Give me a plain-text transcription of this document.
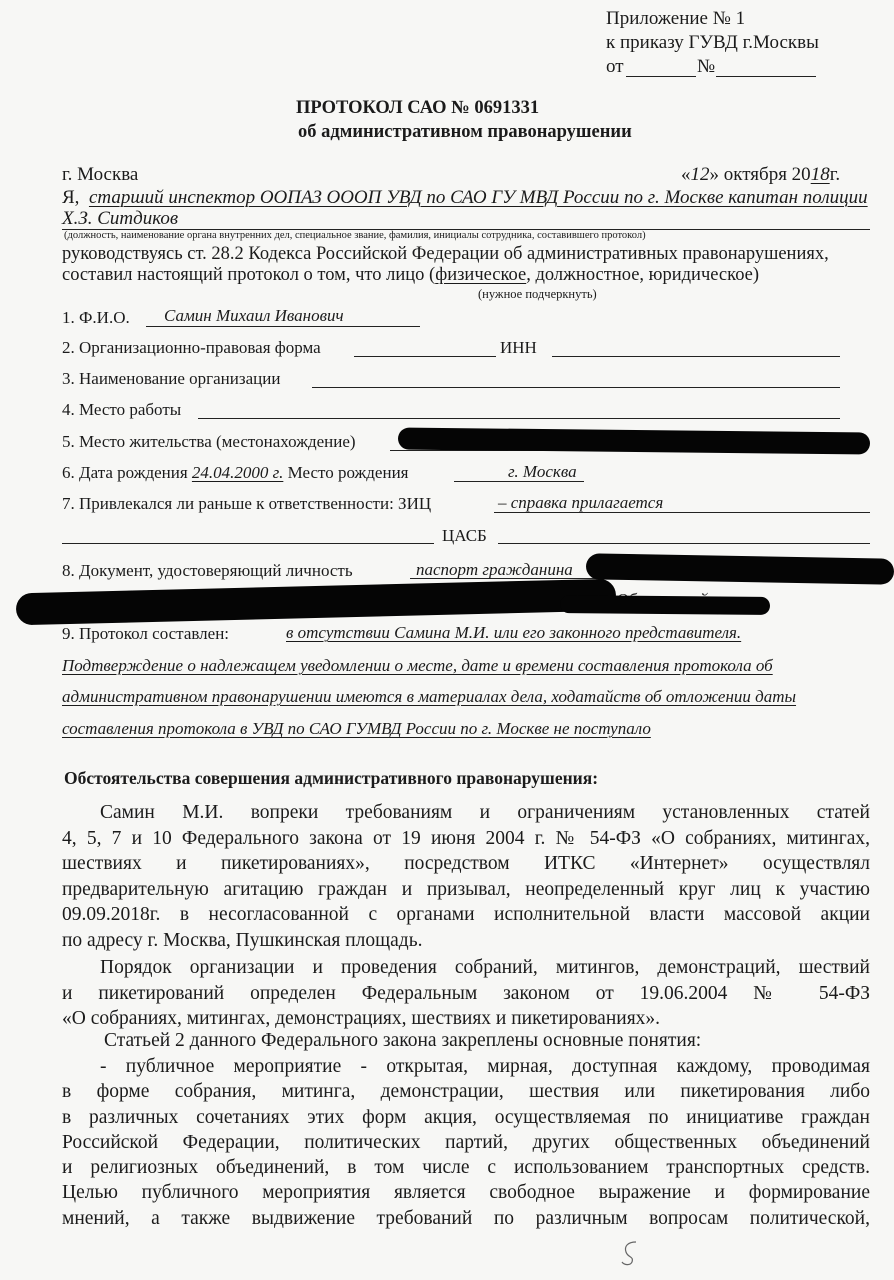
Приложение № 1
к приказу ГУВД г.Москвы
от	№
ПРОТОКОЛ САО № 0691331
об административном правонарушении
г. Москва	«12» октября 2018г.
Я, старший инспектор ООПАЗ ОООП УВД по САО ГУ МВД России по г. Москве капитан полиции
Х.З. Ситдиков
(должность, наименование органа внутренних дел, специальное звание, фамилия, инициалы сотрудника, составившего протокол)
руководствуясь ст. 28.2 Кодекса Российской Федерации об административных правонарушениях,
составил настоящий протокол о том, что лицо (физическое, должностное, юридическое)
(нужное подчеркнуть)
1. Ф.И.О. Самин Михаил Иванович
2. Организационно-правовая форма	ИНН
3. Наименование организации
4. Место работы
5. Место жительства (местонахождение)
6. Дата рождения 24.04.2000 г. Место рождения	г. Москва
7. Привлекался ли раньше к ответственности: ЗИЦ	– справка прилагается
ЦАСБ
8. Документ, удостоверяющий личность	паспорт гражданина
9. Протокол составлен:	в отсутствии Самина М.И. или его законного представителя.
Подтверждение о надлежащем уведомлении о месте, дате и времени составления протокола об
административном правонарушении имеются в материалах дела, ходатайств об отложении даты
составления протокола в УВД по САО ГУМВД России по г. Москве не поступало
Обстоятельства совершения административного правонарушения:
Самин М.И. вопреки требованиям и ограничениям установленных статей
4, 5, 7 и 10 Федерального закона от 19 июня 2004 г. № 54-ФЗ «О собраниях, митингах,
шествиях и пикетированиях», посредством ИТКС «Интернет» осуществлял
предварительную агитацию граждан и призывал, неопределенный круг лиц к участию
09.09.2018г. в несогласованной с органами исполнительной власти массовой акции
по адресу г. Москва, Пушкинская площадь.
Порядок организации и проведения собраний, митингов, демонстраций, шествий
и пикетирований определен Федеральным законом от 19.06.2004 № 54-ФЗ
«О собраниях, митингах, демонстрациях, шествиях и пикетированиях».
Статьей 2 данного Федерального закона закреплены основные понятия:
- публичное мероприятие - открытая, мирная, доступная каждому, проводимая
в форме собрания, митинга, демонстрации, шествия или пикетирования либо
в различных сочетаниях этих форм акция, осуществляемая по инициативе граждан
Российской Федерации, политических партий, других общественных объединений
и религиозных объединений, в том числе с использованием транспортных средств.
Целью публичного мероприятия является свободное выражение и формирование
мнений, а также выдвижение требований по различным вопросам политической,
